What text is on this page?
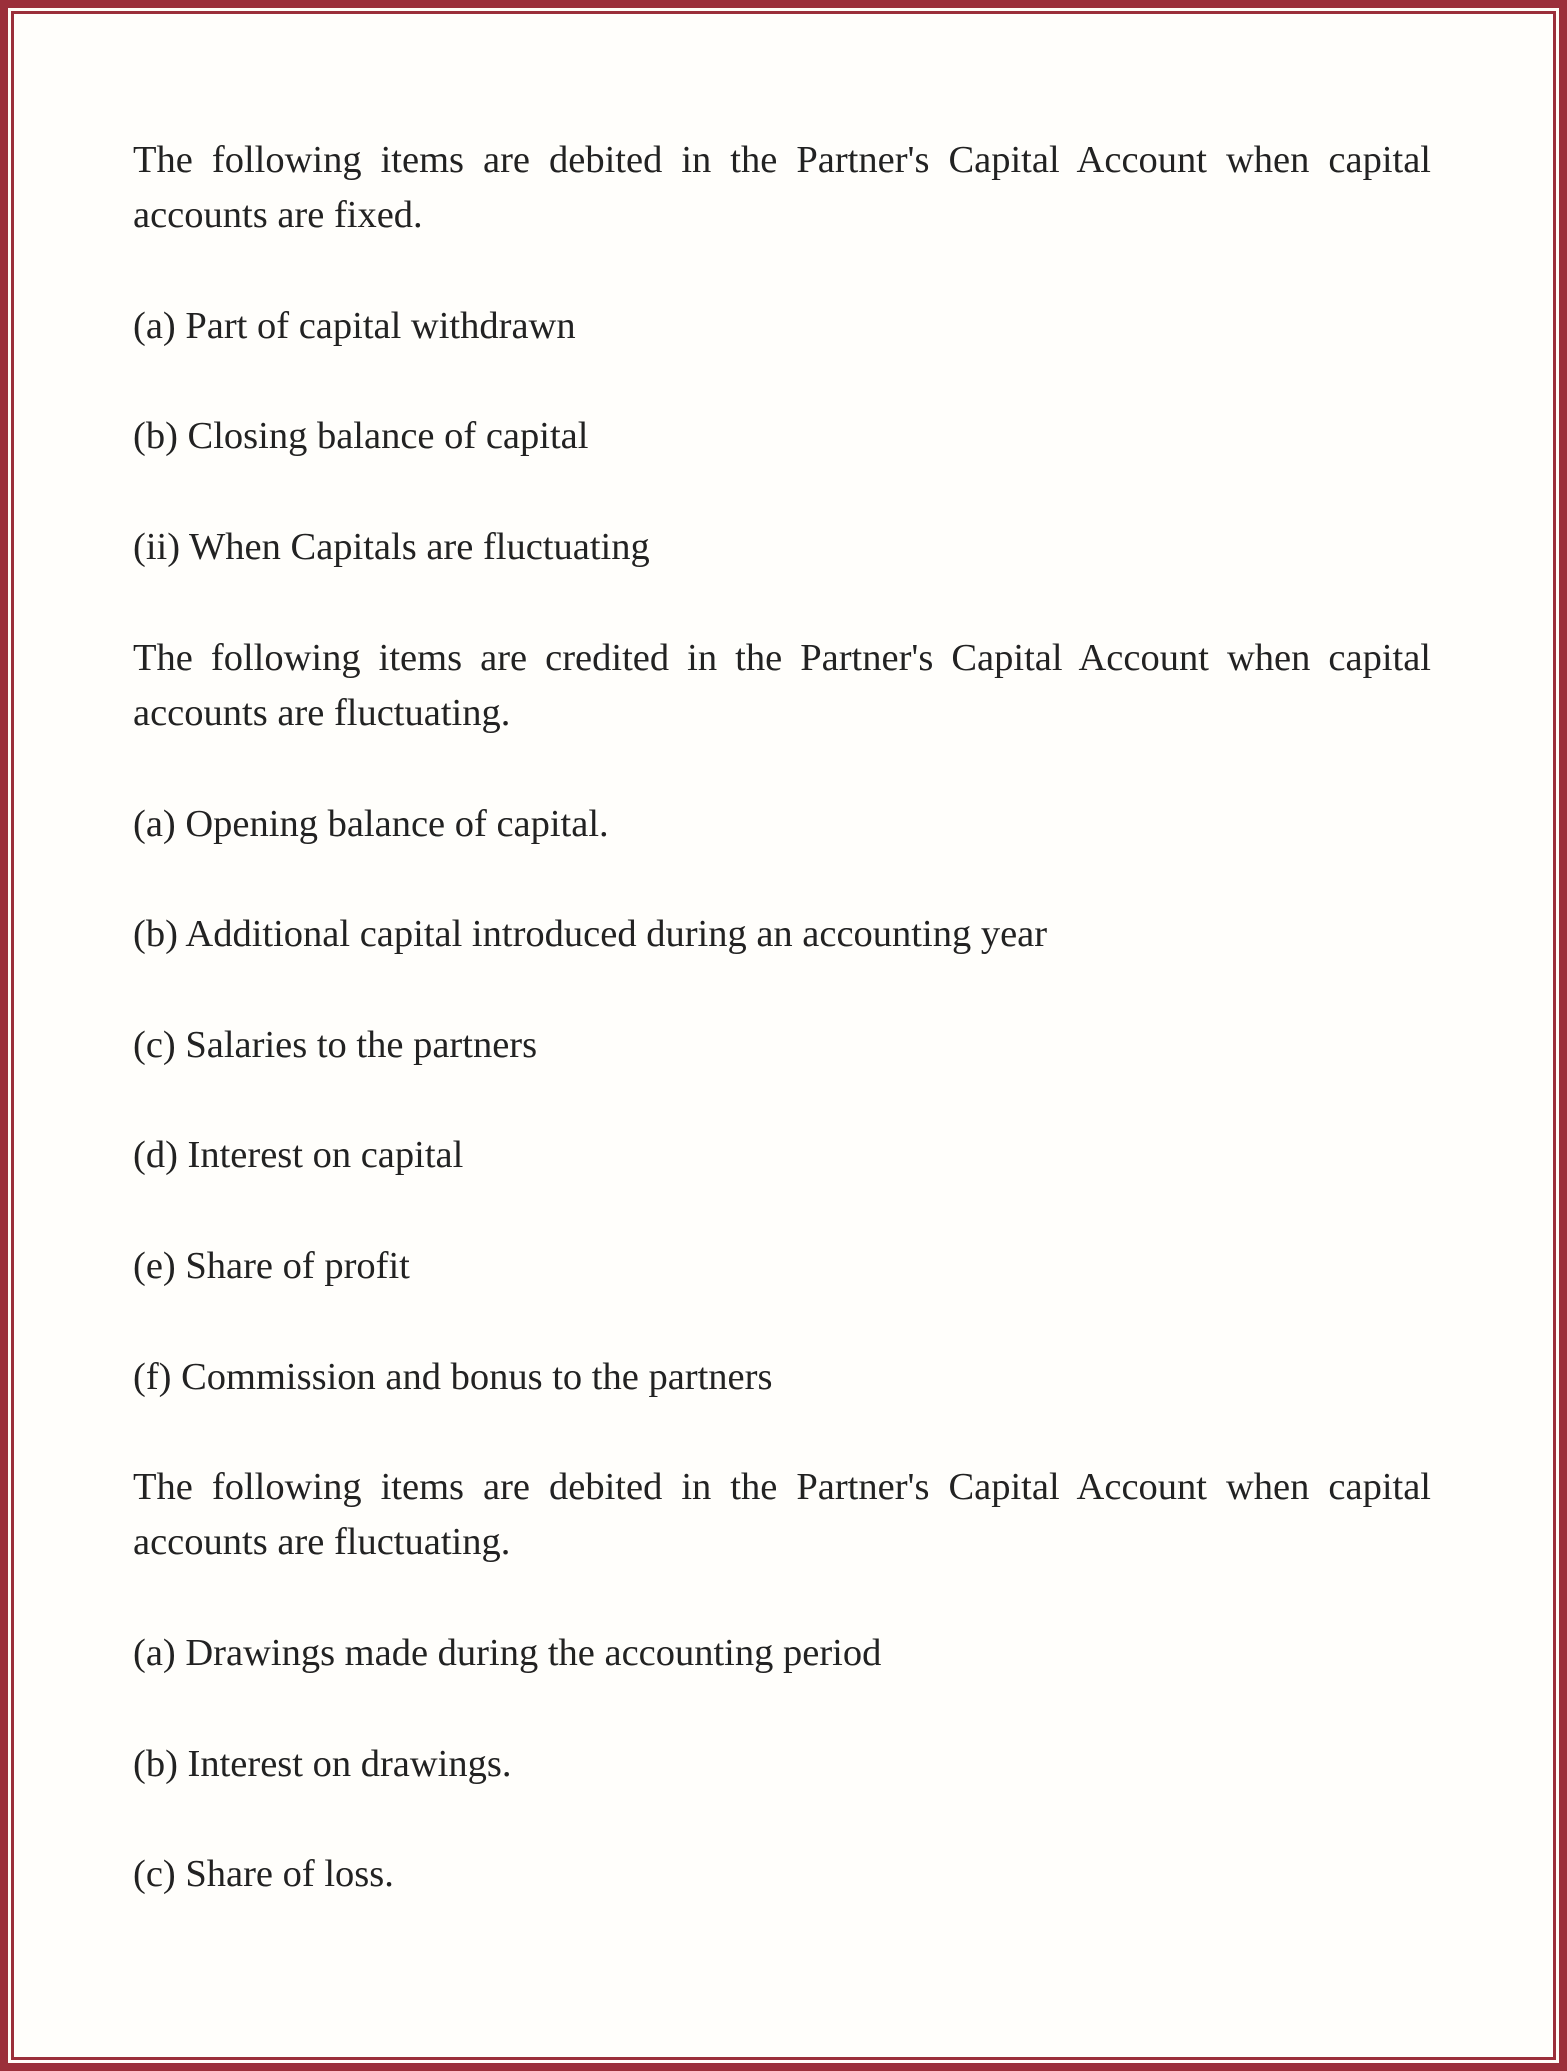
The following items are debited in the Partner's Capital Account when capital accounts are fixed.

(a) Part of capital withdrawn

(b) Closing balance of capital

(ii) When Capitals are fluctuating

The following items are credited in the Partner's Capital Account when capital accounts are fluctuating.

(a) Opening balance of capital.

(b) Additional capital introduced during an accounting year

(c) Salaries to the partners

(d) Interest on capital

(e) Share of profit

(f) Commission and bonus to the partners

The following items are debited in the Partner's Capital Account when capital accounts are fluctuating.

(a) Drawings made during the accounting period

(b) Interest on drawings.

(c) Share of loss.
